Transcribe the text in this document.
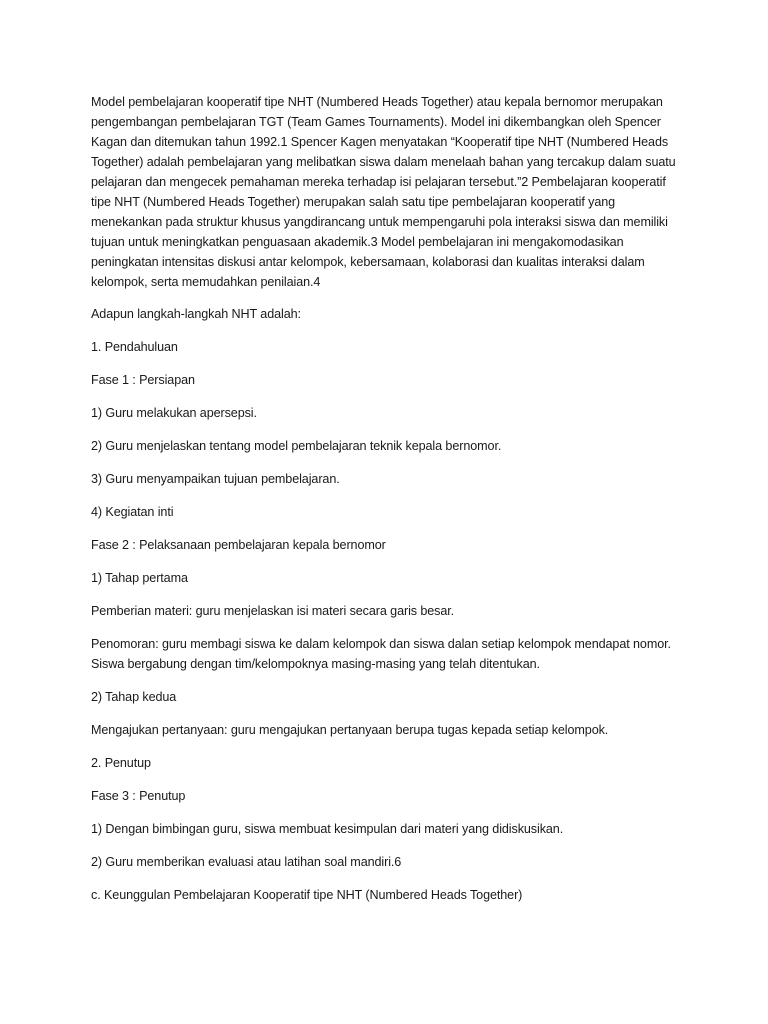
Model pembelajaran kooperatif tipe NHT (Numbered Heads Together) atau kepala bernomor merupakan pengembangan pembelajaran TGT (Team Games Tournaments). Model ini dikembangkan oleh Spencer Kagan dan ditemukan tahun 1992.1 Spencer Kagen menyatakan “Kooperatif tipe NHT (Numbered Heads Together) adalah pembelajaran yang melibatkan siswa dalam menelaah bahan yang tercakup dalam suatu pelajaran dan mengecek pemahaman mereka terhadap isi pelajaran tersebut.”2 Pembelajaran kooperatif tipe NHT (Numbered Heads Together) merupakan salah satu tipe pembelajaran kooperatif yang menekankan pada struktur khusus yangdirancang untuk mempengaruhi pola interaksi siswa dan memiliki tujuan untuk meningkatkan penguasaan akademik.3 Model pembelajaran ini mengakomodasikan peningkatan intensitas diskusi antar kelompok, kebersamaan, kolaborasi dan kualitas interaksi dalam kelompok, serta memudahkan penilaian.4

Adapun langkah-langkah NHT adalah:

1. Pendahuluan

Fase 1 : Persiapan

1) Guru melakukan apersepsi.

2) Guru menjelaskan tentang model pembelajaran teknik kepala bernomor.

3) Guru menyampaikan tujuan pembelajaran.

4) Kegiatan inti

Fase 2 : Pelaksanaan pembelajaran kepala bernomor

1) Tahap pertama

Pemberian materi: guru menjelaskan isi materi secara garis besar.

Penomoran: guru membagi siswa ke dalam kelompok dan siswa dalan setiap kelompok mendapat nomor. Siswa bergabung dengan tim/kelompoknya masing-masing yang telah ditentukan.

2) Tahap kedua

Mengajukan pertanyaan: guru mengajukan pertanyaan berupa tugas kepada setiap kelompok.

2. Penutup

Fase 3 : Penutup

1) Dengan bimbingan guru, siswa membuat kesimpulan dari materi yang didiskusikan.

2) Guru memberikan evaluasi atau latihan soal mandiri.6

c. Keunggulan Pembelajaran Kooperatif tipe NHT (Numbered Heads Together)
